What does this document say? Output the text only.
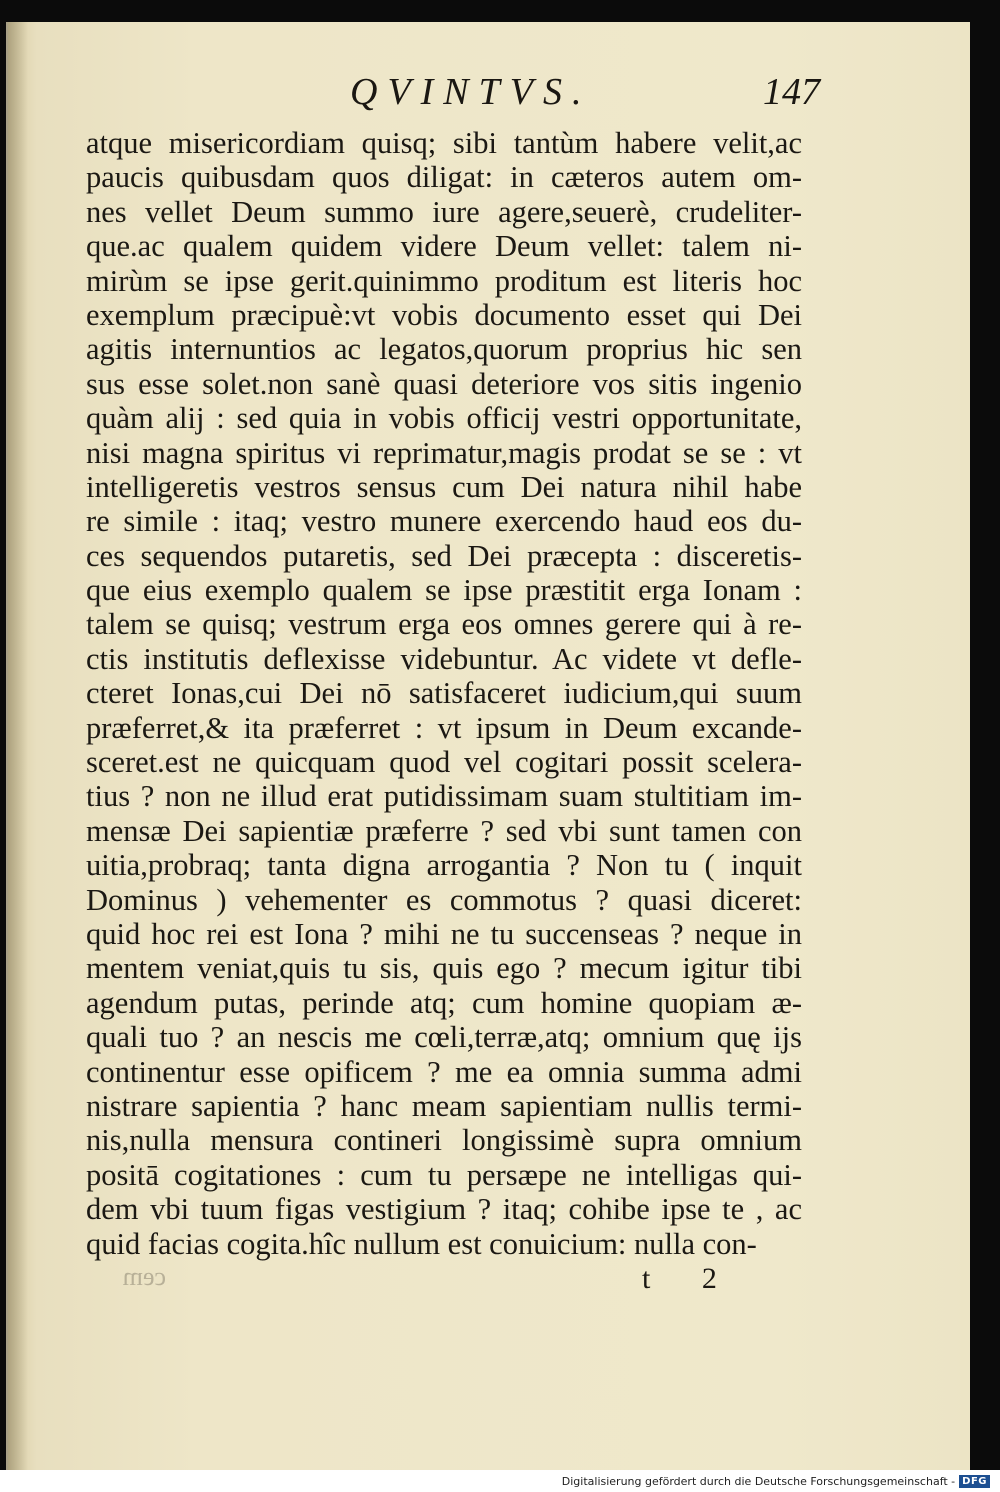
QVINTVS.	147
atque misericordiam quisq; sibi tantùm habere velit,ac
paucis quibusdam quos diligat: in cæteros autem om-
nes vellet Deum summo iure agere,seuerè, crudeliter-
que.ac qualem quidem videre Deum vellet: talem ni-
mirùm se ipse gerit.quinimmo proditum est literis hoc
exemplum præcipuè:vt vobis documento esset qui Dei
agitis internuntios ac legatos,quorum proprius hic sen
sus esse solet.non sanè quasi deteriore vos sitis ingenio
quàm alij : sed quia in vobis officij vestri opportunitate,
nisi magna spiritus vi reprimatur,magis prodat se se : vt
intelligeretis vestros sensus cum Dei natura nihil habe
re simile : itaq; vestro munere exercendo haud eos du-
ces sequendos putaretis, sed Dei præcepta : disceretis-
que eius exemplo qualem se ipse præstitit erga Ionam :
talem se quisq; vestrum erga eos omnes gerere qui à re-
ctis institutis deflexisse videbuntur. Ac videte vt defle-
cteret Ionas,cui Dei nō satisfaceret iudicium,qui suum
præferret,& ita præferret : vt ipsum in Deum excande-
sceret.est ne quicquam quod vel cogitari possit scelera-
tius ? non ne illud erat putidissimam suam stultitiam im-
mensæ Dei sapientiæ præferre ? sed vbi sunt tamen con
uitia,probraq; tanta digna arrogantia ? Non tu ( inquit
Dominus ) vehementer es commotus ? quasi diceret:
quid hoc rei est Iona ? mihi ne tu succenseas ? neque in
mentem veniat,quis tu sis, quis ego ? mecum igitur tibi
agendum putas, perinde atq; cum homine quopiam æ-
quali tuo ? an nescis me cœli,terræ,atq; omnium quę ijs
continentur esse opificem ? me ea omnia summa admi
nistrare sapientia ? hanc meam sapientiam nullis termi-
nis,nulla mensura contineri longissimè supra omnium
positā cogitationes : cum tu persæpe ne intelligas qui-
dem vbi tuum figas vestigium ? itaq; cohibe ipse te , ac
quid facias cogita.hîc nullum est conuicium: nulla con-
cem	t 2
Digitalisierung gefördert durch die Deutsche Forschungsgemeinschaft - DFG
